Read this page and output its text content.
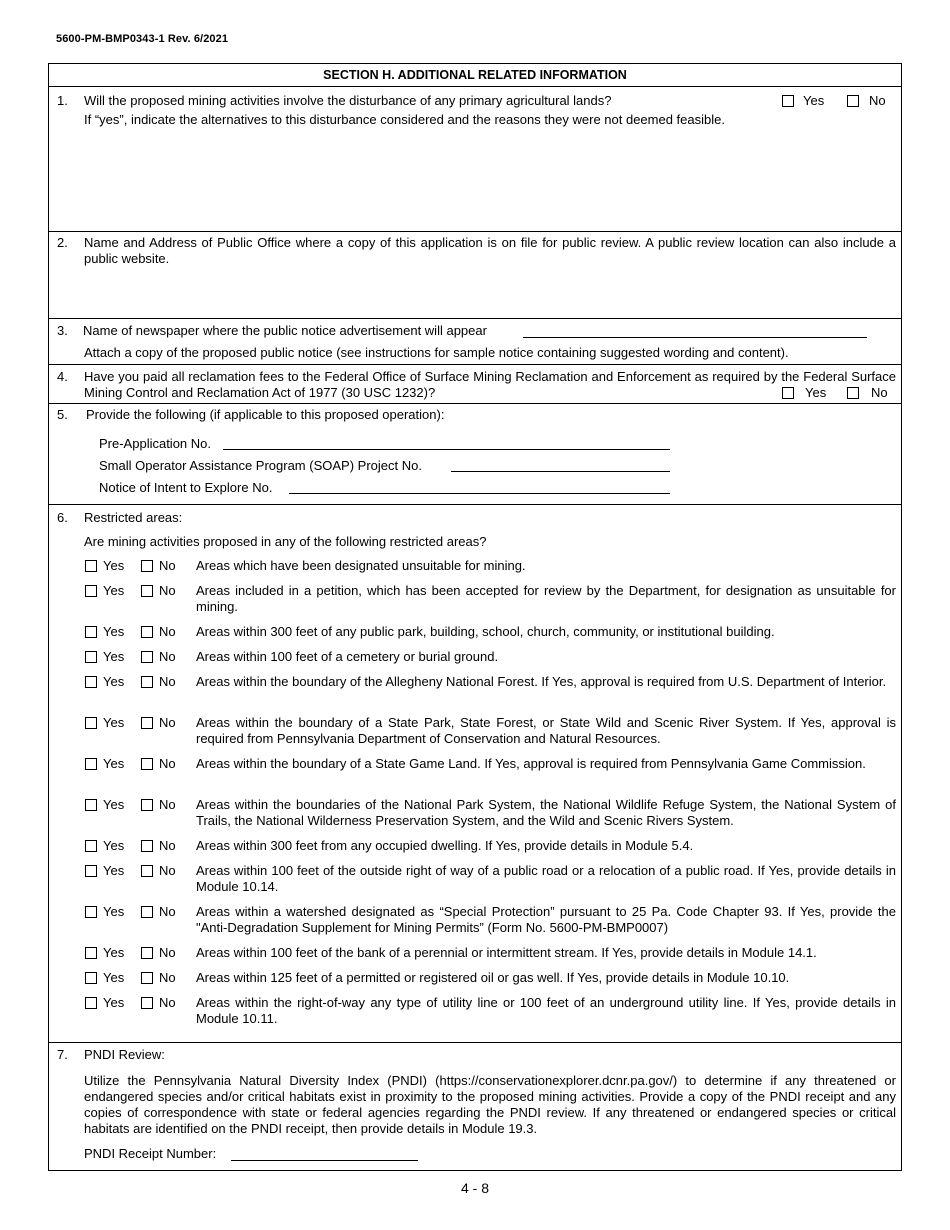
5600-PM-BMP0343-1 Rev. 6/2021
SECTION H. ADDITIONAL RELATED INFORMATION
1. Will the proposed mining activities involve the disturbance of any primary agricultural lands?	Yes	No
If “yes”, indicate the alternatives to this disturbance considered and the reasons they were not deemed feasible.
2. Name and Address of Public Office where a copy of this application is on file for public review. A public review location can also include a public website.
3. Name of newspaper where the public notice advertisement will appear
Attach a copy of the proposed public notice (see instructions for sample notice containing suggested wording and content).
4. Have you paid all reclamation fees to the Federal Office of Surface Mining Reclamation and Enforcement as required by the Federal Surface Mining Control and Reclamation Act of 1977 (30 USC 1232)?	Yes	No
5. Provide the following (if applicable to this proposed operation):
Pre-Application No.
Small Operator Assistance Program (SOAP) Project No.
Notice of Intent to Explore No.
6. Restricted areas:
Are mining activities proposed in any of the following restricted areas?
Yes	No Areas which have been designated unsuitable for mining.
Yes	No Areas included in a petition, which has been accepted for review by the Department, for designation as unsuitable for mining.
Yes	No Areas within 300 feet of any public park, building, school, church, community, or institutional building.
Yes	No Areas within 100 feet of a cemetery or burial ground.
Yes	No Areas within the boundary of the Allegheny National Forest. If Yes, approval is required from U.S. Department of Interior.
Yes	No Areas within the boundary of a State Park, State Forest, or State Wild and Scenic River System. If Yes, approval is required from Pennsylvania Department of Conservation and Natural Resources.
Yes	No Areas within the boundary of a State Game Land. If Yes, approval is required from Pennsylvania Game Commission.
Yes	No Areas within the boundaries of the National Park System, the National Wildlife Refuge System, the National System of Trails, the National Wilderness Preservation System, and the Wild and Scenic Rivers System.
Yes	No Areas within 300 feet from any occupied dwelling. If Yes, provide details in Module 5.4.
Yes	No Areas within 100 feet of the outside right of way of a public road or a relocation of a public road. If Yes, provide details in Module 10.14.
Yes	No Areas within a watershed designated as “Special Protection” pursuant to 25 Pa. Code Chapter 93. If Yes, provide the "Anti-Degradation Supplement for Mining Permits” (Form No. 5600-PM-BMP0007)
Yes	No Areas within 100 feet of the bank of a perennial or intermittent stream. If Yes, provide details in Module 14.1.
Yes	No Areas within 125 feet of a permitted or registered oil or gas well. If Yes, provide details in Module 10.10.
Yes	No Areas within the right-of-way any type of utility line or 100 feet of an underground utility line. If Yes, provide details in Module 10.11.
7. PNDI Review:
Utilize the Pennsylvania Natural Diversity Index (PNDI) (https://conservationexplorer.dcnr.pa.gov/) to determine if any threatened or endangered species and/or critical habitats exist in proximity to the proposed mining activities. Provide a copy of the PNDI receipt and any copies of correspondence with state or federal agencies regarding the PNDI review. If any threatened or endangered species or critical habitats are identified on the PNDI receipt, then provide details in Module 19.3.
PNDI Receipt Number:
4 - 8
